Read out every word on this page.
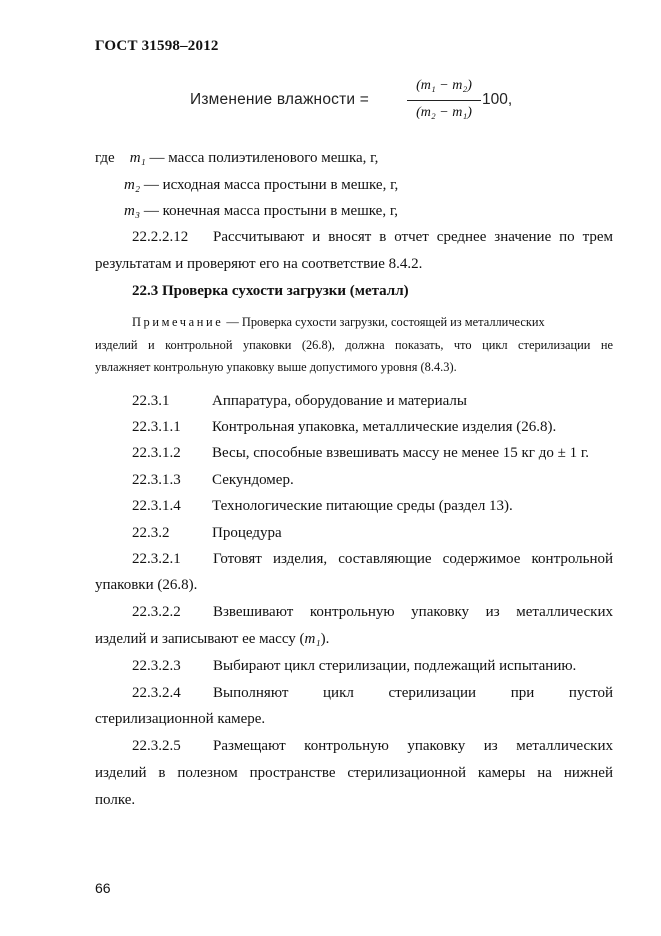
ГОСТ 31598–2012
Изменение влажности =
(m₁ − m₂)
(m₂ − m₁)
100,
где m₁ — масса полиэтиленового мешка, г,
m₂ — исходная масса простыни в мешке, г,
m₃ — конечная масса простыни в мешке, г,
22.2.2.12 Рассчитывают и вносят в отчет среднее значение по трем
результатам и проверяют его на соответствие 8.4.2.
22.3 Проверка сухости загрузки (металл)
Примечание — Проверка сухости загрузки, состоящей из металлических
изделий и контрольной упаковки (26.8), должна показать, что цикл стерилизации не
увлажняет контрольную упаковку выше допустимого уровня (8.4.3).
22.3.1	Аппаратура, оборудование и материалы
22.3.1.1 Контрольная упаковка, металлические изделия (26.8).
22.3.1.2 Весы, способные взвешивать массу не менее 15 кг до ± 1 г.
22.3.1.3 Секундомер.
22.3.1.4 Технологические питающие среды (раздел 13).
22.3.2	Процедура
22.3.2.1 Готовят изделия, составляющие содержимое контрольной
упаковки (26.8).
22.3.2.2 Взвешивают контрольную упаковку из металлических
изделий и записывают ее массу (m₁).
22.3.2.3 Выбирают цикл стерилизации, подлежащий испытанию.
22.3.2.4 Выполняют цикл стерилизации при пустой
стерилизационной камере.
22.3.2.5 Размещают контрольную упаковку из металлических
изделий в полезном пространстве стерилизационной камеры на нижней
полке.
66
